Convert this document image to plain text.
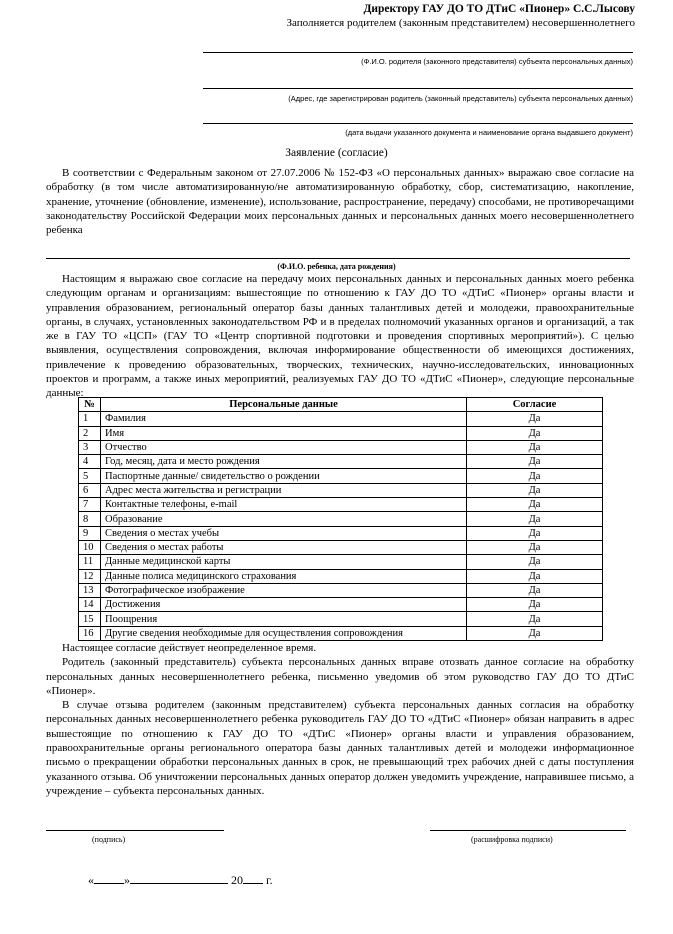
Директору ГАУ ДО ТО ДТиС «Пионер» С.С.Лысову
Заполняется родителем (законным представителем) несовершеннолетнего
(Ф.И.О. родителя (законного представителя) субъекта персональных данных)
(Адрес, где зарегистрирован родитель (законный представитель) субъекта персональных данных)
(дата выдачи указанного документа и наименование органа выдавшего документ)
Заявление (согласие)

В соответствии с Федеральным законом от 27.07.2006 № 152-ФЗ «О персональных данных» выражаю свое согласие на обработку (в том числе автоматизированную/не автоматизированную обработку, сбор, систематизацию, накопление, хранение, уточнение (обновление, изменение), использование, распространение, передачу) способами, не противоречащими законодательству Российской Федерации моих персональных данных и персональных данных моего несовершеннолетнего ребенка

(Ф.И.О. ребенка, дата рождения)

Настоящим я выражаю свое согласие на передачу моих персональных данных и персональных данных моего ребенка следующим органам и организациям: вышестоящие по отношению к ГАУ ДО ТО «ДТиС «Пионер» органы власти и управления образованием, региональный оператор базы данных талантливых детей и молодежи, правоохранительные органы, в случаях, установленных законодательством РФ и в пределах полномочий указанных органов и организаций, а так же в ГАУ ТО «ЦСП» (ГАУ ТО «Центр спортивной подготовки и проведения спортивных мероприятий»). С целью выявления, осуществления сопровождения, включая информирование общественности об имеющихся достижениях, привлечение к проведению образовательных, творческих, технических, научно-исследовательских, инновационных проектов и программ, а также иных мероприятий, реализуемых ГАУ ДО ТО «ДТиС «Пионер», следующие персональные данные:

№	Персональные данные	Согласие
1	Фамилия	Да
2	Имя	Да
3	Отчество	Да
4	Год, месяц, дата и место рождения	Да
5	Паспортные данные/ свидетельство о рождении	Да
6	Адрес места жительства и регистрации	Да
7	Контактные телефоны, e-mail	Да
8	Образование	Да
9	Сведения о местах учебы	Да
10	Сведения о местах работы	Да
11	Данные медицинской карты	Да
12	Данные полиса медицинского страхования	Да
13	Фотографическое изображение	Да
14	Достижения	Да
15	Поощрения	Да
16	Другие сведения необходимые для осуществления сопровождения	Да

Настоящее согласие действует неопределенное время.

Родитель (законный представитель) субъекта персональных данных вправе отозвать данное согласие на обработку персональных данных несовершеннолетнего ребенка, письменно уведомив об этом руководство ГАУ ДО ТО ДТиС «Пионер».

В случае отзыва родителем (законным представителем) субъекта персональных данных согласия на обработку персональных данных несовершеннолетнего ребенка руководитель ГАУ ДО ТО «ДТиС «Пионер» обязан направить в адрес вышестоящие по отношению к ГАУ ДО ТО «ДТиС «Пионер» органы власти и управления образованием, правоохранительные органы регионального оператора базы данных талантливых детей и молодежи информационное письмо о прекращении обработки персональных данных в срок, не превышающий трех рабочих дней с даты поступления указанного отзыва. Об уничтожении персональных данных оператор должен уведомить учреждение, направившее письмо, а учреждение – субъекта персональных данных.

(подпись)	(расшифровка подписи)
«	»	20 г.
